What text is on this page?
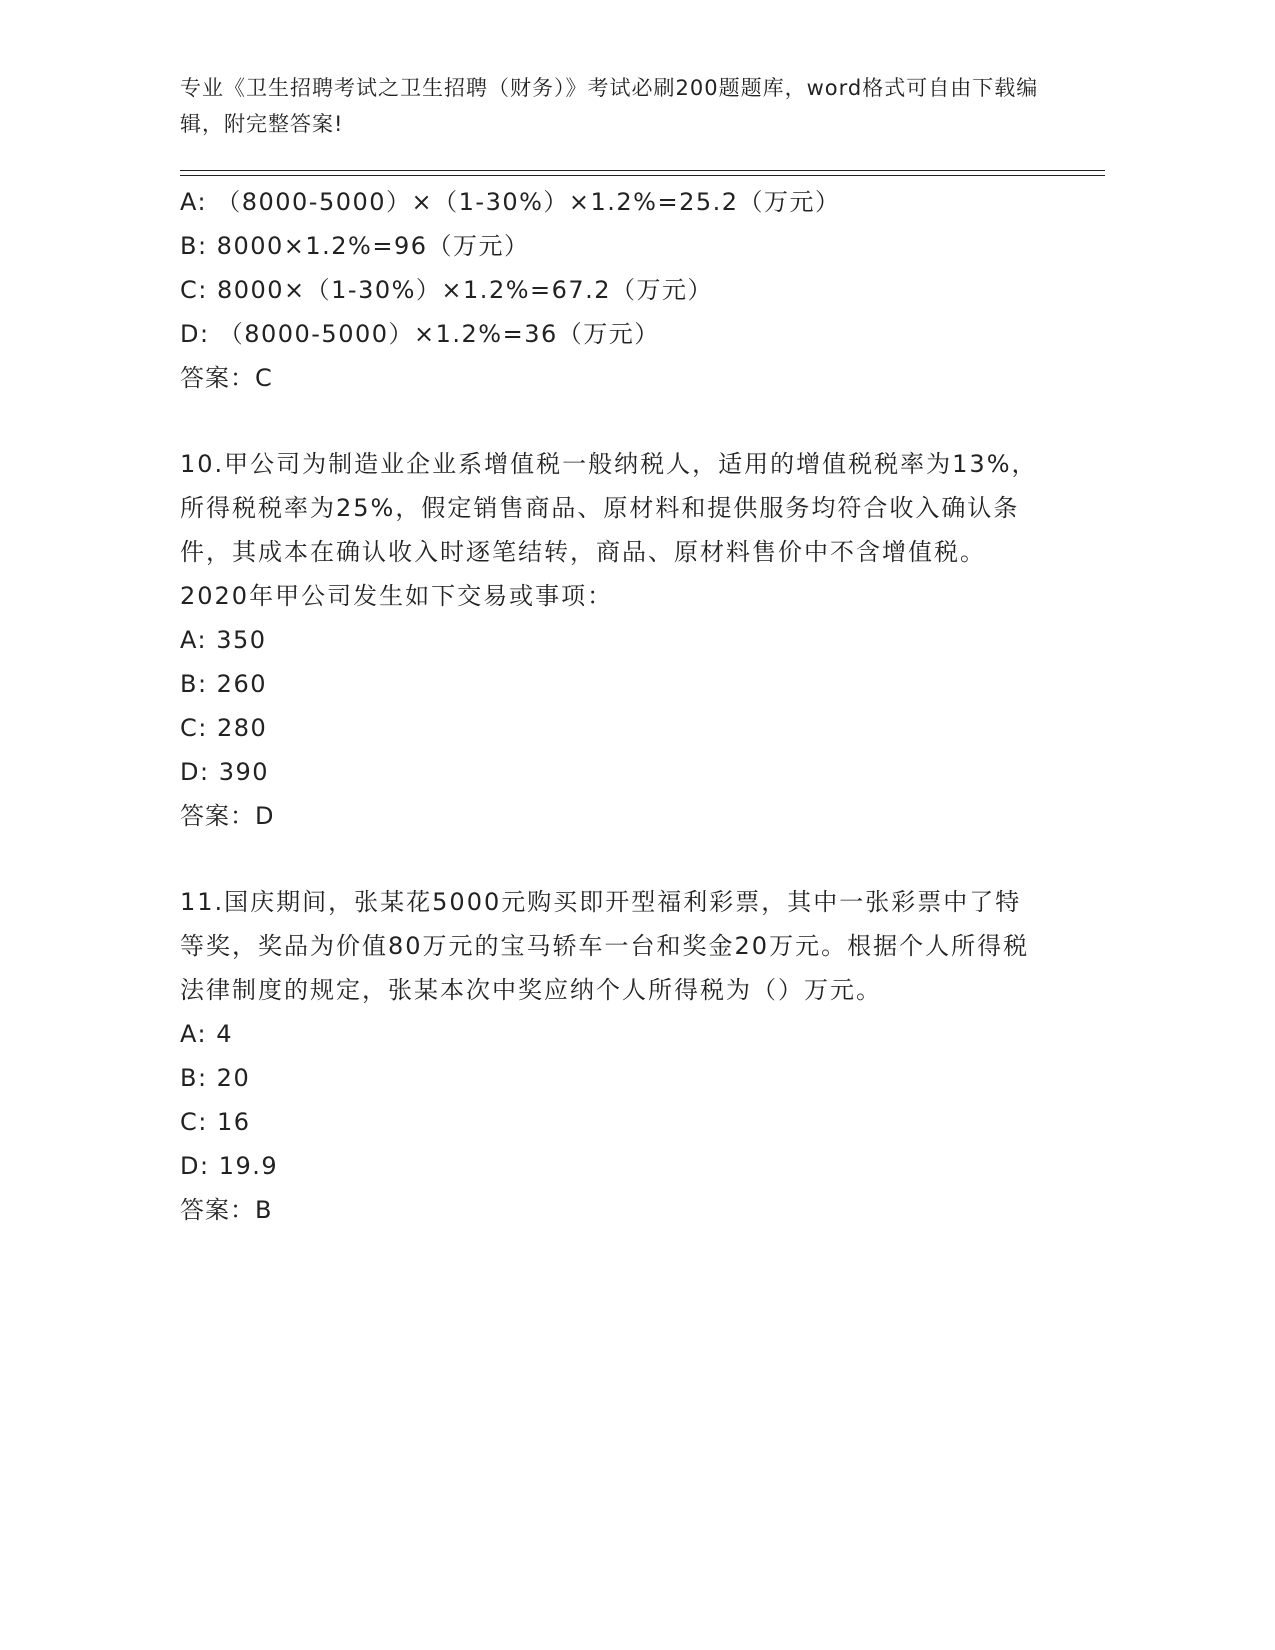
专业《卫生招聘考试之卫生招聘（财务）》考试必刷200题题库，word格式可自由下载编辑，附完整答案!
A: （8000-5000）×（1-30%）×1.2%=25.2（万元）
B: 8000×1.2%=96（万元）
C: 8000×（1-30%）×1.2%=67.2（万元）
D: （8000-5000）×1.2%=36（万元）
答案：C
10.甲公司为制造业企业系增值税一般纳税人，适用的增值税税率为13%，所得税税率为25%，假定销售商品、原材料和提供服务均符合收入确认条件，其成本在确认收入时逐笔结转，商品、原材料售价中不含增值税。2020年甲公司发生如下交易或事项：
A: 350
B: 260
C: 280
D: 390
答案：D
11.国庆期间，张某花5000元购买即开型福利彩票，其中一张彩票中了特等奖，奖品为价值80万元的宝马轿车一台和奖金20万元。根据个人所得税法律制度的规定，张某本次中奖应纳个人所得税为（）万元。
A: 4
B: 20
C: 16
D: 19.9
答案：B
